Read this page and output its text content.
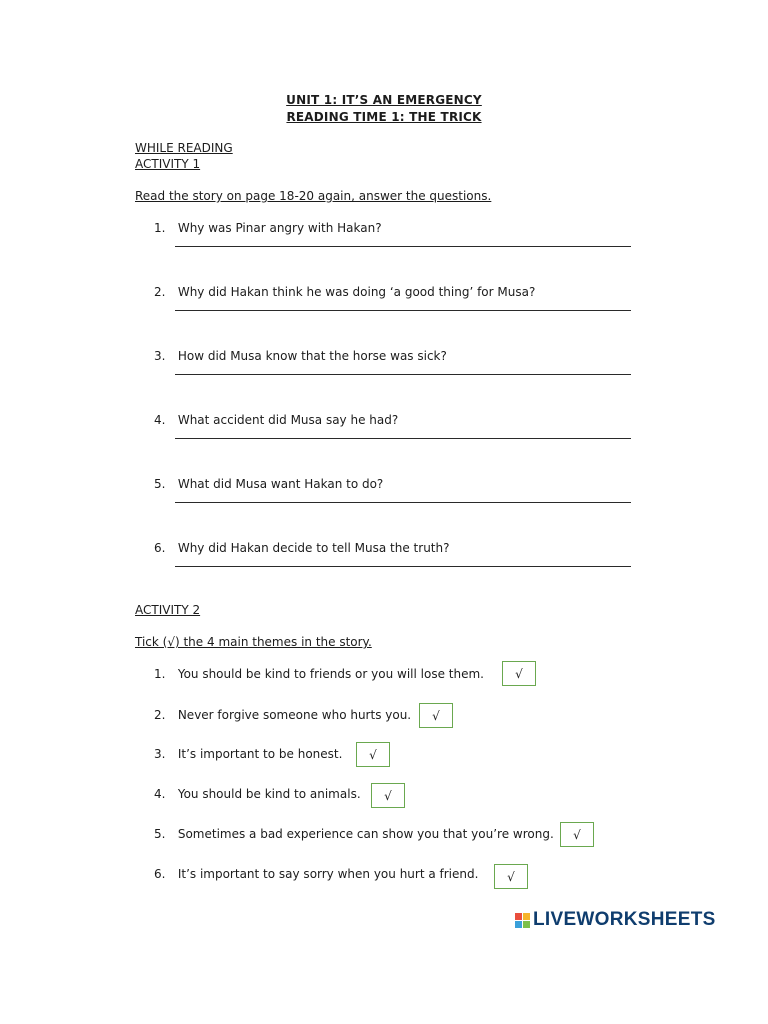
UNIT 1: IT’S AN EMERGENCY
READING TIME 1: THE TRICK
WHILE READING
ACTIVITY 1
Read the story on page 18-20 again, answer the questions.
1. Why was Pinar angry with Hakan?
2. Why did Hakan think he was doing ‘a good thing’ for Musa?
3. How did Musa know that the horse was sick?
4. What accident did Musa say he had?
5. What did Musa want Hakan to do?
6. Why did Hakan decide to tell Musa the truth?
ACTIVITY 2
Tick (√) the 4 main themes in the story.
1. You should be kind to friends or you will lose them.	√
2. Never forgive someone who hurts you.	√
3. It’s important to be honest.	√
4. You should be kind to animals.	√
5. Sometimes a bad experience can show you that you’re wrong.	√
6. It’s important to say sorry when you hurt a friend.	√
LIVEWORKSHEETS
